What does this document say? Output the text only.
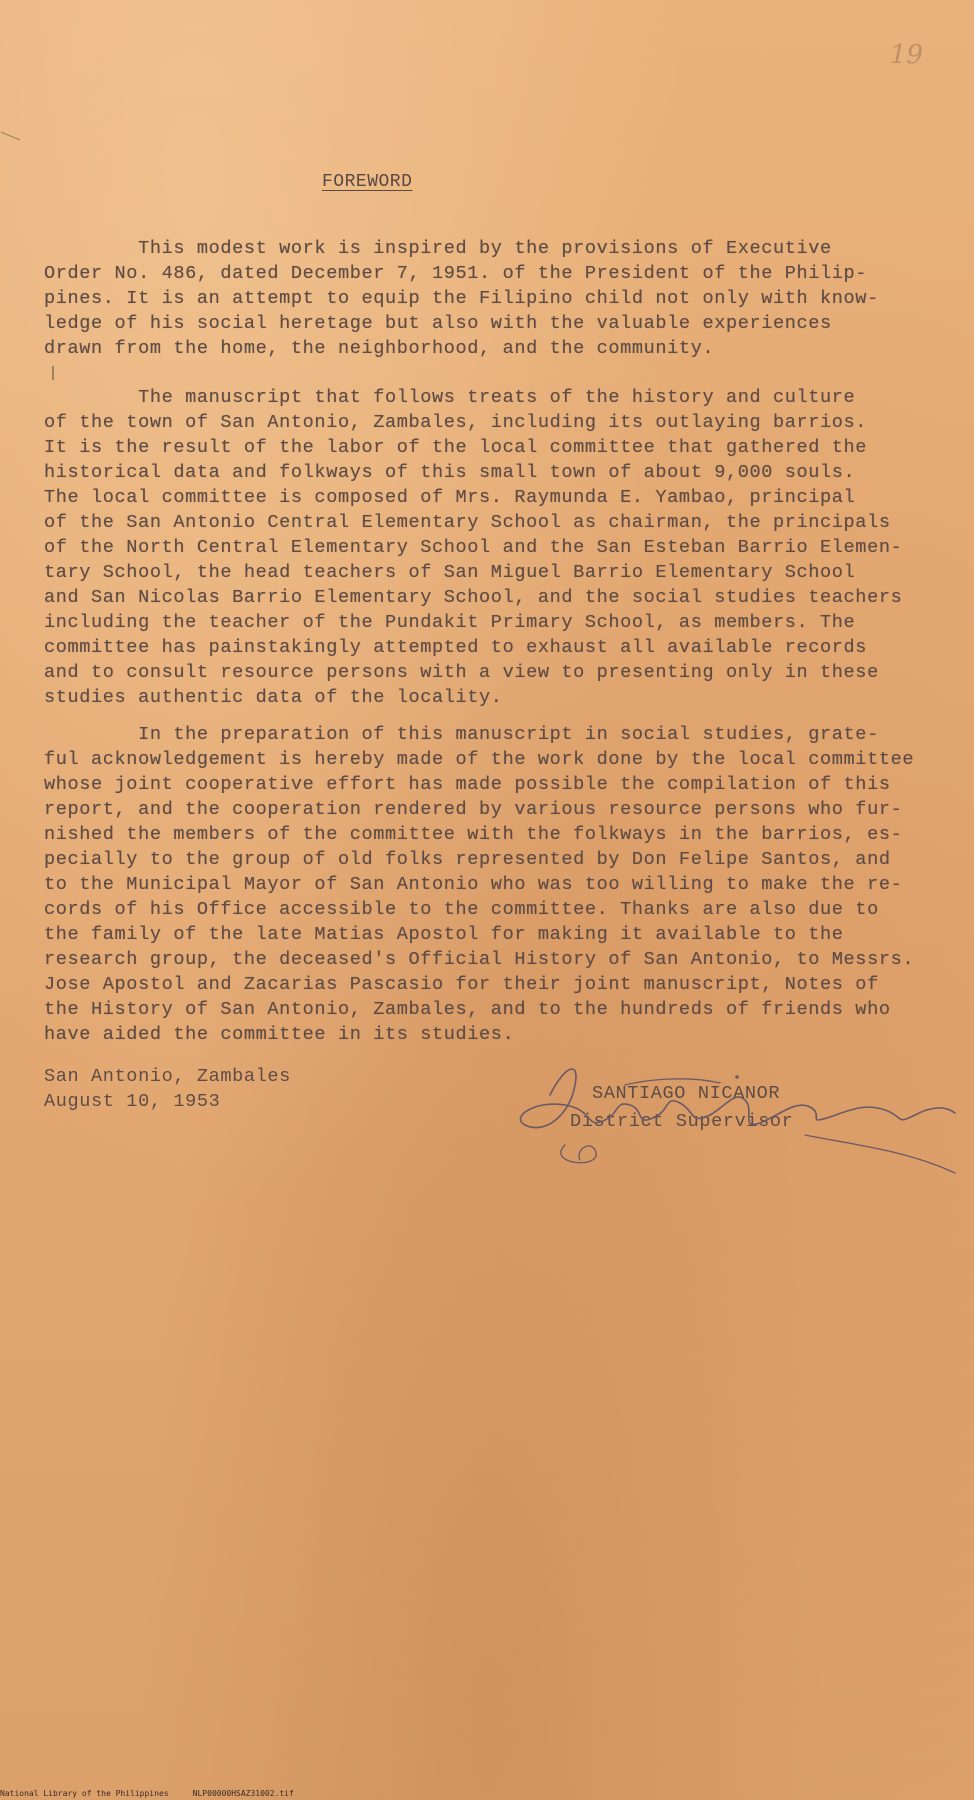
19
FOREWORD
This modest work is inspired by the provisions of Executive
Order No. 486, dated December 7, 1951. of the President of the Philip-
pines. It is an attempt to equip the Filipino child not only with know-
ledge of his social heretage but also with the valuable experiences
drawn from the home, the neighborhood, and the community.
The manuscript that follows treats of the history and culture
of the town of San Antonio, Zambales, including its outlaying barrios.
It is the result of the labor of the local committee that gathered the
historical data and folkways of this small town of about 9,000 souls.
The local committee is composed of Mrs. Raymunda E. Yambao, principal
of the San Antonio Central Elementary School as chairman, the principals
of the North Central Elementary School and the San Esteban Barrio Elemen-
tary School, the head teachers of San Miguel Barrio Elementary School
and San Nicolas Barrio Elementary School, and the social studies teachers
including the teacher of the Pundakit Primary School, as members. The
committee has painstakingly attempted to exhaust all available records
and to consult resource persons with a view to presenting only in these
studies authentic data of the locality.
In the preparation of this manuscript in social studies, grate-
ful acknowledgement is hereby made of the work done by the local committee
whose joint cooperative effort has made possible the compilation of this
report, and the cooperation rendered by various resource persons who fur-
nished the members of the committee with the folkways in the barrios, es-
pecially to the group of old folks represented by Don Felipe Santos, and
to the Municipal Mayor of San Antonio who was too willing to make the re-
cords of his Office accessible to the committee. Thanks are also due to
the family of the late Matias Apostol for making it available to the
research group, the deceased's Official History of San Antonio, to Messrs.
Jose Apostol and Zacarias Pascasio for their joint manuscript, Notes of
the History of San Antonio, Zambales, and to the hundreds of friends who
have aided the committee in its studies.
San Antonio, Zambales
August 10, 1953	SANTIAGO NICANOR
District Supervisor
National Library of the Philippines	NLP00000HSAZ31002.tif
